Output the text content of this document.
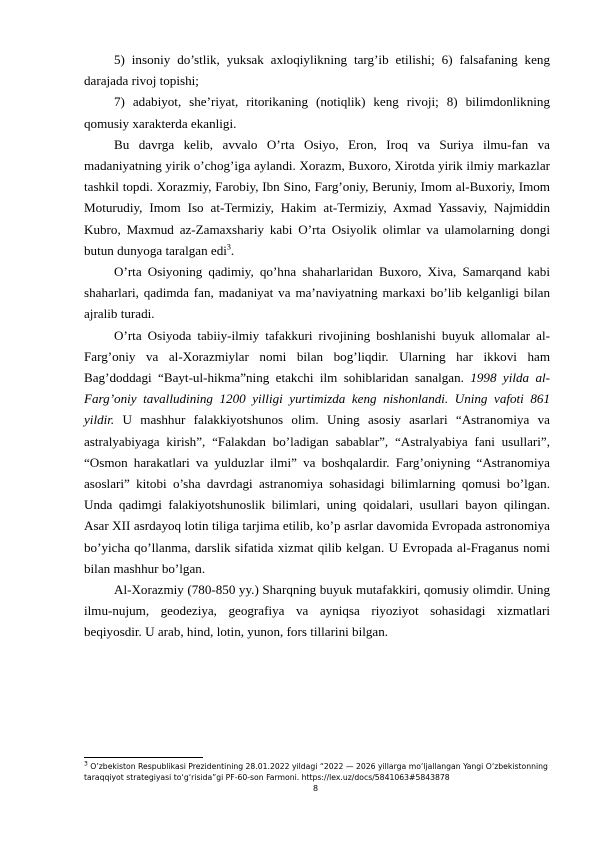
5) insoniy do’stlik, yuksak axloqiylikning targ’ib etilishi; 6) falsafaning keng darajada rivoj topishi;

7) adabiyot, she’riyat, ritorikaning (notiqlik) keng rivoji; 8) bilimdonlikning qomusiy xarakterda ekanligi.

Bu davrga kelib, avvalo O’rta Osiyo, Eron, Iroq va Suriya ilmu-fan va madaniyatning yirik o’chog’iga aylandi. Xorazm, Buxoro, Xirotda yirik ilmiy markazlar tashkil topdi. Xorazmiy, Farobiy, Ibn Sino, Farg’oniy, Beruniy, Imom al-Buxoriy, Imom Moturudiy, Imom Iso at-Termiziy, Hakim at-Termiziy, Axmad Yassaviy, Najmiddin Kubro, Maxmud az-Zamaxshariy kabi O’rta Osiyolik olimlar va ulamolarning dongi butun dunyoga taralgan edi$^3$.

O’rta Osiyoning qadimiy, qo’hna shaharlaridan Buxoro, Xiva, Samarqand kabi shaharlari, qadimda fan, madaniyat va ma’naviyatning markaxi bo’lib kelganligi bilan ajralib turadi.

O’rta Osiyoda tabiiy-ilmiy tafakkuri rivojining boshlanishi buyuk allomalar al-Farg’oniy va al-Xorazmiylar nomi bilan bog’liqdir. Ularning har ikkovi ham Bag’doddagi “Bayt-ul-hikma”ning etakchi ilm sohiblaridan sanalgan. 1998 yilda al-Farg’oniy tavalludining 1200 yilligi yurtimizda keng nishonlandi. Uning vafoti 861 yildir. U mashhur falakkiyotshunos olim. Uning asosiy asarlari “Astranomiya va astralyabiyaga kirish”, “Falakdan bo’ladigan sabablar”, “Astralyabiya fani usullari”, “Osmon harakatlari va yulduzlar ilmi” va boshqalardir. Farg’oniyning “Astranomiya asoslari” kitobi o’sha davrdagi astranomiya sohasidagi bilimlarning qomusi bo’lgan. Unda qadimgi falakiyotshunoslik bilimlari, uning qoidalari, usullari bayon qilingan. Asar XII asrdayoq lotin tiliga tarjima etilib, ko’p asrlar davomida Evropada astronomiya bo’yicha qo’llanma, darslik sifatida xizmat qilib kelgan. U Evropada al-Fraganus nomi bilan mashhur bo’lgan.

Al-Xorazmiy (780-850 yy.) Sharqning buyuk mutafakkiri, qomusiy olimdir. Uning ilmu-nujum, geodeziya, geografiya va ayniqsa riyoziyot sohasidagi xizmatlari beqiyosdir. U arab, hind, lotin, yunon, fors tillarini bilgan.

$^3$ O’zbekiston Respublikasi Prezidentining 28.01.2022 yildagi “2022 — 2026 yillarga mo‘ljallangan Yangi O‘zbekistonning taraqqiyot strategiyasi to‘g‘risida”gi PF-60-son Farmoni. https://lex.uz/docs/5841063#5843878

8
